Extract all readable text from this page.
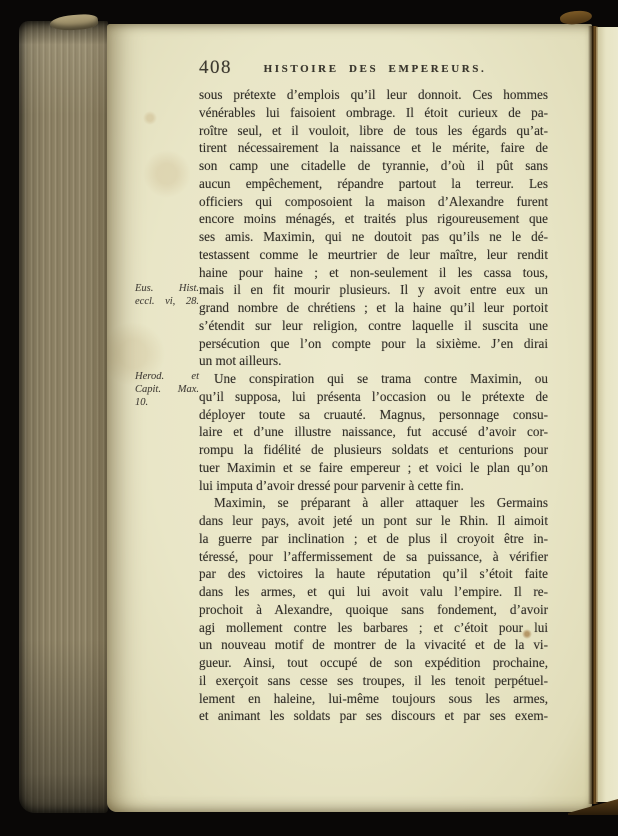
408	HISTOIRE DES EMPEREURS.
Eus. Hist.
eccl. vi, 28.
Herod. et
Capit. Max.
10.
sous prétexte d’emplois qu’il leur donnoit. Ces hommes
vénérables lui faisoient ombrage. Il étoit curieux de pa-
roître seul, et il vouloit, libre de tous les égards qu’at-
tirent nécessairement la naissance et le mérite, faire de
son camp une citadelle de tyrannie, d’où il pût sans
aucun empêchement, répandre partout la terreur. Les
officiers qui composoient la maison d’Alexandre furent
encore moins ménagés, et traités plus rigoureusement que
ses amis. Maximin, qui ne doutoit pas qu’ils ne le dé-
testassent comme le meurtrier de leur maître, leur rendit
haine pour haine ; et non-seulement il les cassa tous,
mais il en fit mourir plusieurs. Il y avoit entre eux un
grand nombre de chrétiens ; et la haine qu’il leur portoit
s’étendit sur leur religion, contre laquelle il suscita une
persécution que l’on compte pour la sixième. J’en dirai
un mot ailleurs.
Une conspiration qui se trama contre Maximin, ou
qu’il supposa, lui présenta l’occasion ou le prétexte de
déployer toute sa cruauté. Magnus, personnage consu-
laire et d’une illustre naissance, fut accusé d’avoir cor-
rompu la fidélité de plusieurs soldats et centurions pour
tuer Maximin et se faire empereur ; et voici le plan qu’on
lui imputa d’avoir dressé pour parvenir à cette fin.
Maximin, se préparant à aller attaquer les Germains
dans leur pays, avoit jeté un pont sur le Rhin. Il aimoit
la guerre par inclination ; et de plus il croyoit être in-
téressé, pour l’affermissement de sa puissance, à vérifier
par des victoires la haute réputation qu’il s’étoit faite
dans les armes, et qui lui avoit valu l’empire. Il re-
prochoit à Alexandre, quoique sans fondement, d’avoir
agi mollement contre les barbares ; et c’étoit pour lui
un nouveau motif de montrer de la vivacité et de la vi-
gueur. Ainsi, tout occupé de son expédition prochaine,
il exerçoit sans cesse ses troupes, il les tenoit perpétuel-
lement en haleine, lui-même toujours sous les armes,
et animant les soldats par ses discours et par ses exem-
